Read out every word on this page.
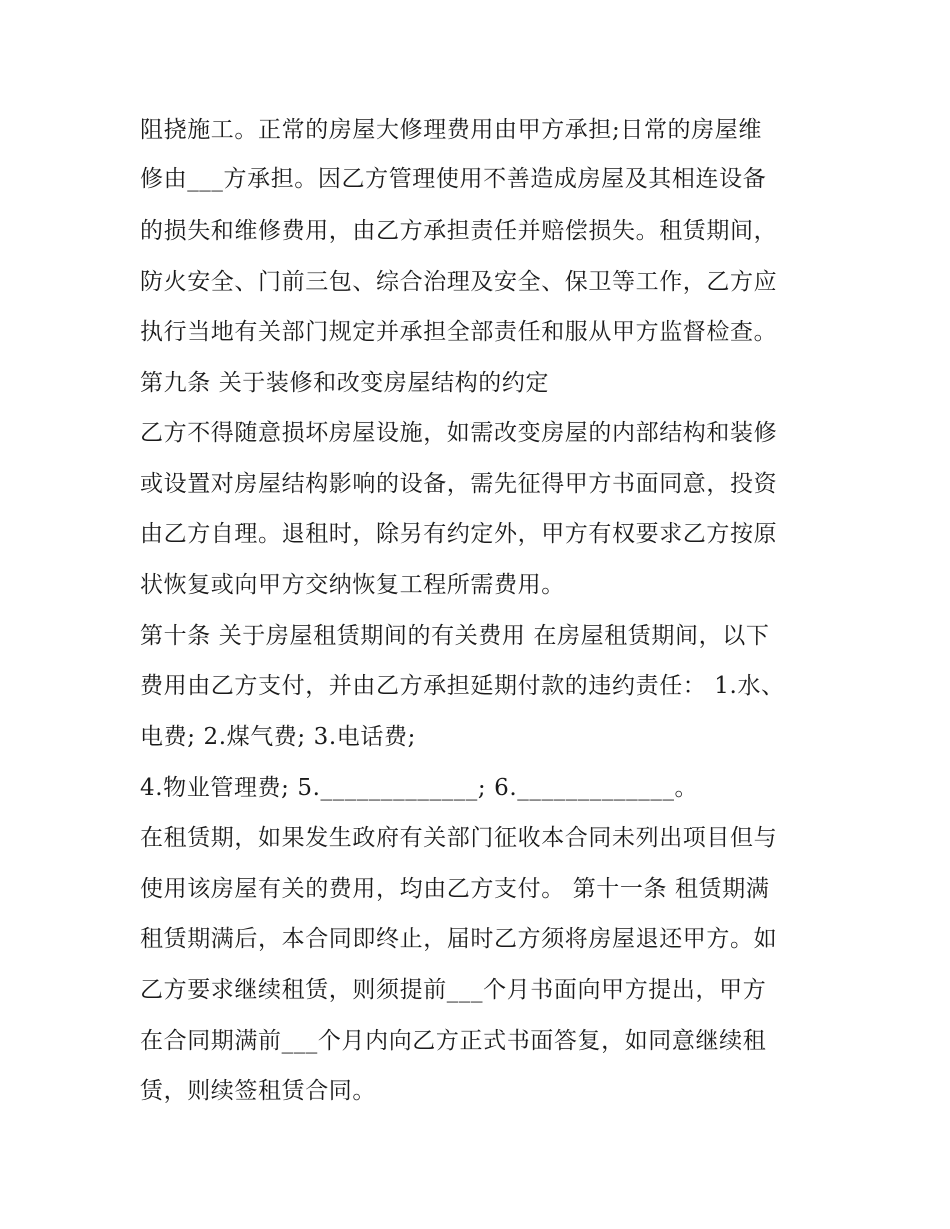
阻挠施工。正常的房屋大修理费用由甲方承担;日常的房屋维
修由___方承担。因乙方管理使用不善造成房屋及其相连设备
的损失和维修费用，由乙方承担责任并赔偿损失。租赁期间，
防火安全、门前三包、综合治理及安全、保卫等工作，乙方应
执行当地有关部门规定并承担全部责任和服从甲方监督检查。
第九条 关于装修和改变房屋结构的约定
乙方不得随意损坏房屋设施，如需改变房屋的内部结构和装修
或设置对房屋结构影响的设备，需先征得甲方书面同意，投资
由乙方自理。退租时，除另有约定外，甲方有权要求乙方按原
状恢复或向甲方交纳恢复工程所需费用。
第十条 关于房屋租赁期间的有关费用 在房屋租赁期间，以下
费用由乙方支付，并由乙方承担延期付款的违约责任： 1.水、
电费; 2.煤气费; 3.电话费;
4.物业管理费; 5._____________; 6._____________。
在租赁期，如果发生政府有关部门征收本合同未列出项目但与
使用该房屋有关的费用，均由乙方支付。 第十一条 租赁期满
租赁期满后，本合同即终止，届时乙方须将房屋退还甲方。如
乙方要求继续租赁，则须提前___个月书面向甲方提出，甲方
在合同期满前___个月内向乙方正式书面答复，如同意继续租
赁，则续签租赁合同。
